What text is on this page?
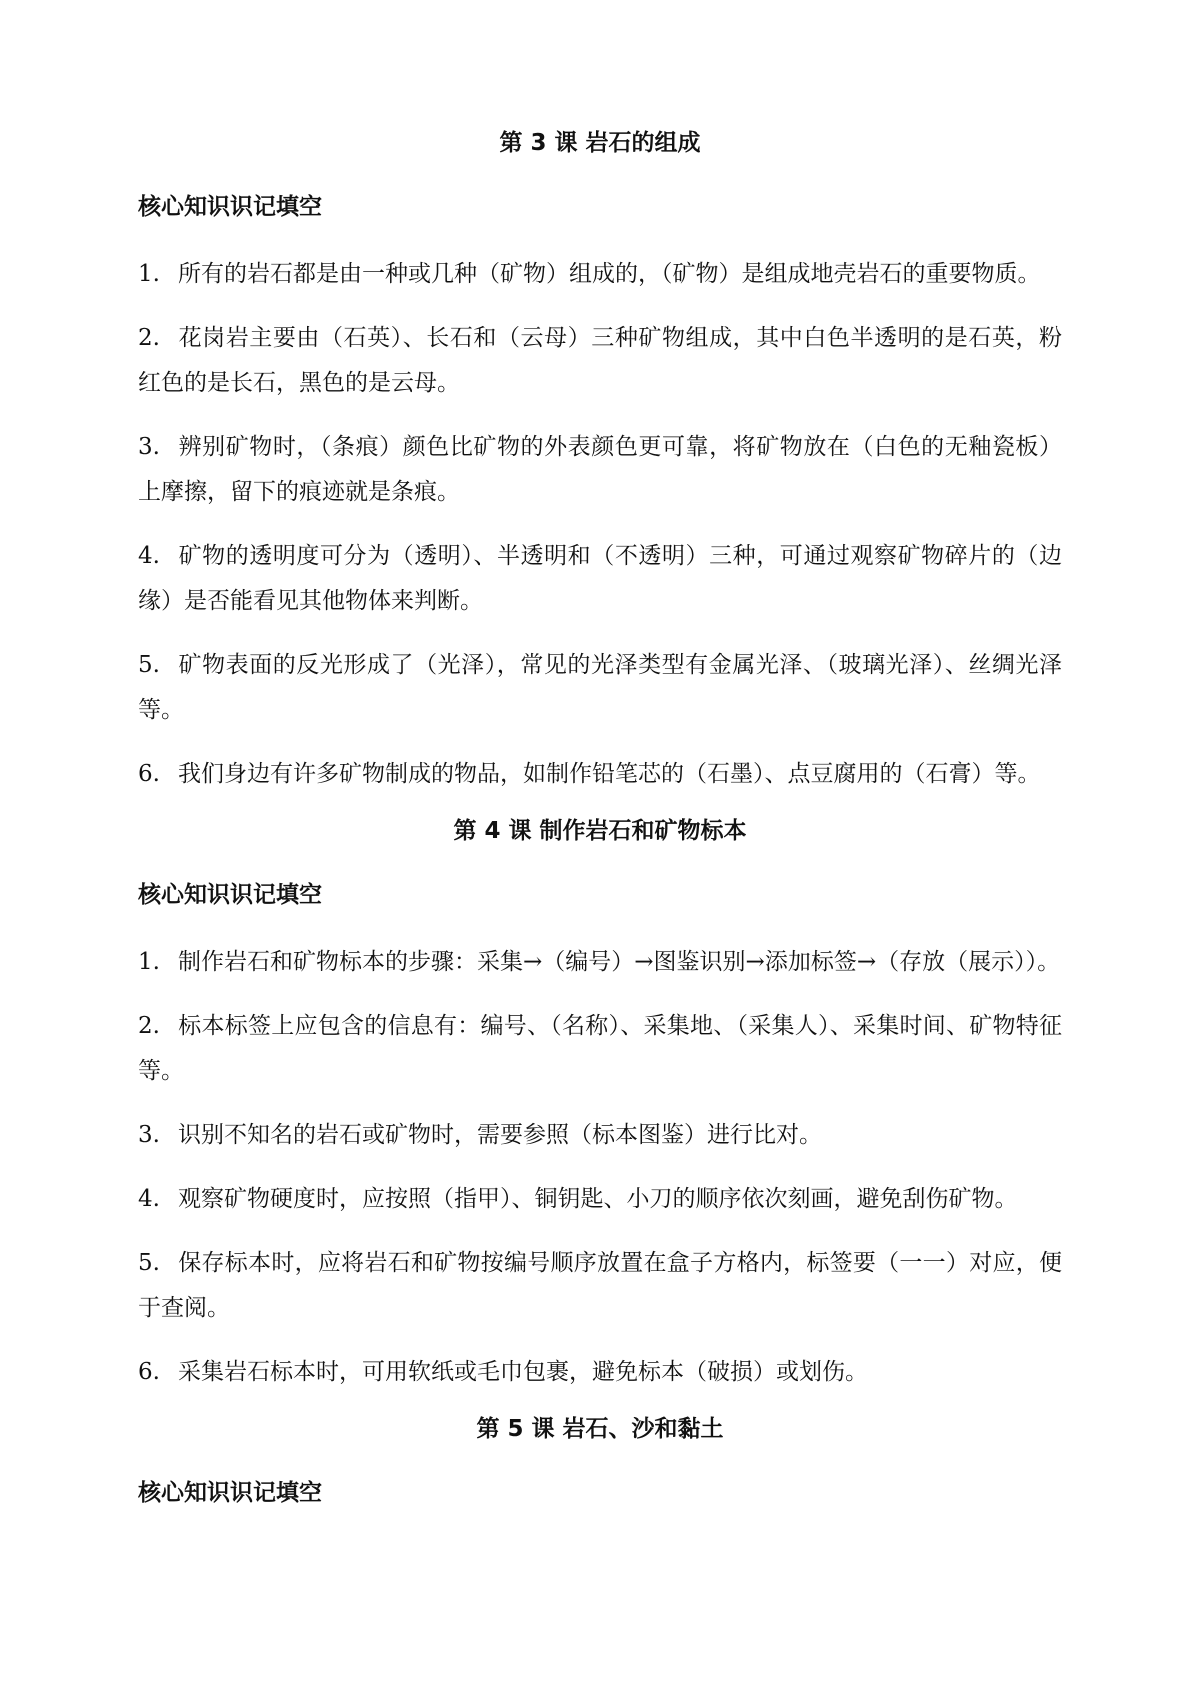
第 3 课 岩石的组成
核心知识识记填空

1. 所有的岩石都是由一种或几种（矿物）组成的，（矿物）是组成地壳岩石的重要物质。

2. 花岗岩主要由（石英）、长石和（云母）三种矿物组成，其中白色半透明的是石英，粉红色的是长石，黑色的是云母。

3. 辨别矿物时，（条痕）颜色比矿物的外表颜色更可靠，将矿物放在（白色的无釉瓷板）上摩擦，留下的痕迹就是条痕。

4. 矿物的透明度可分为（透明）、半透明和（不透明）三种，可通过观察矿物碎片的（边缘）是否能看见其他物体来判断。

5. 矿物表面的反光形成了（光泽），常见的光泽类型有金属光泽、（玻璃光泽）、丝绸光泽等。

6. 我们身边有许多矿物制成的物品，如制作铅笔芯的（石墨）、点豆腐用的（石膏）等。

第 4 课 制作岩石和矿物标本
核心知识识记填空

1. 制作岩石和矿物标本的步骤：采集→（编号）→图鉴识别→添加标签→（存放（展示））。

2. 标本标签上应包含的信息有：编号、（名称）、采集地、（采集人）、采集时间、矿物特征等。

3. 识别不知名的岩石或矿物时，需要参照（标本图鉴）进行比对。

4. 观察矿物硬度时，应按照（指甲）、铜钥匙、小刀的顺序依次刻画，避免刮伤矿物。

5. 保存标本时，应将岩石和矿物按编号顺序放置在盒子方格内，标签要（一一）对应，便于查阅。

6. 采集岩石标本时，可用软纸或毛巾包裹，避免标本（破损）或划伤。

第 5 课 岩石、沙和黏土
核心知识识记填空
